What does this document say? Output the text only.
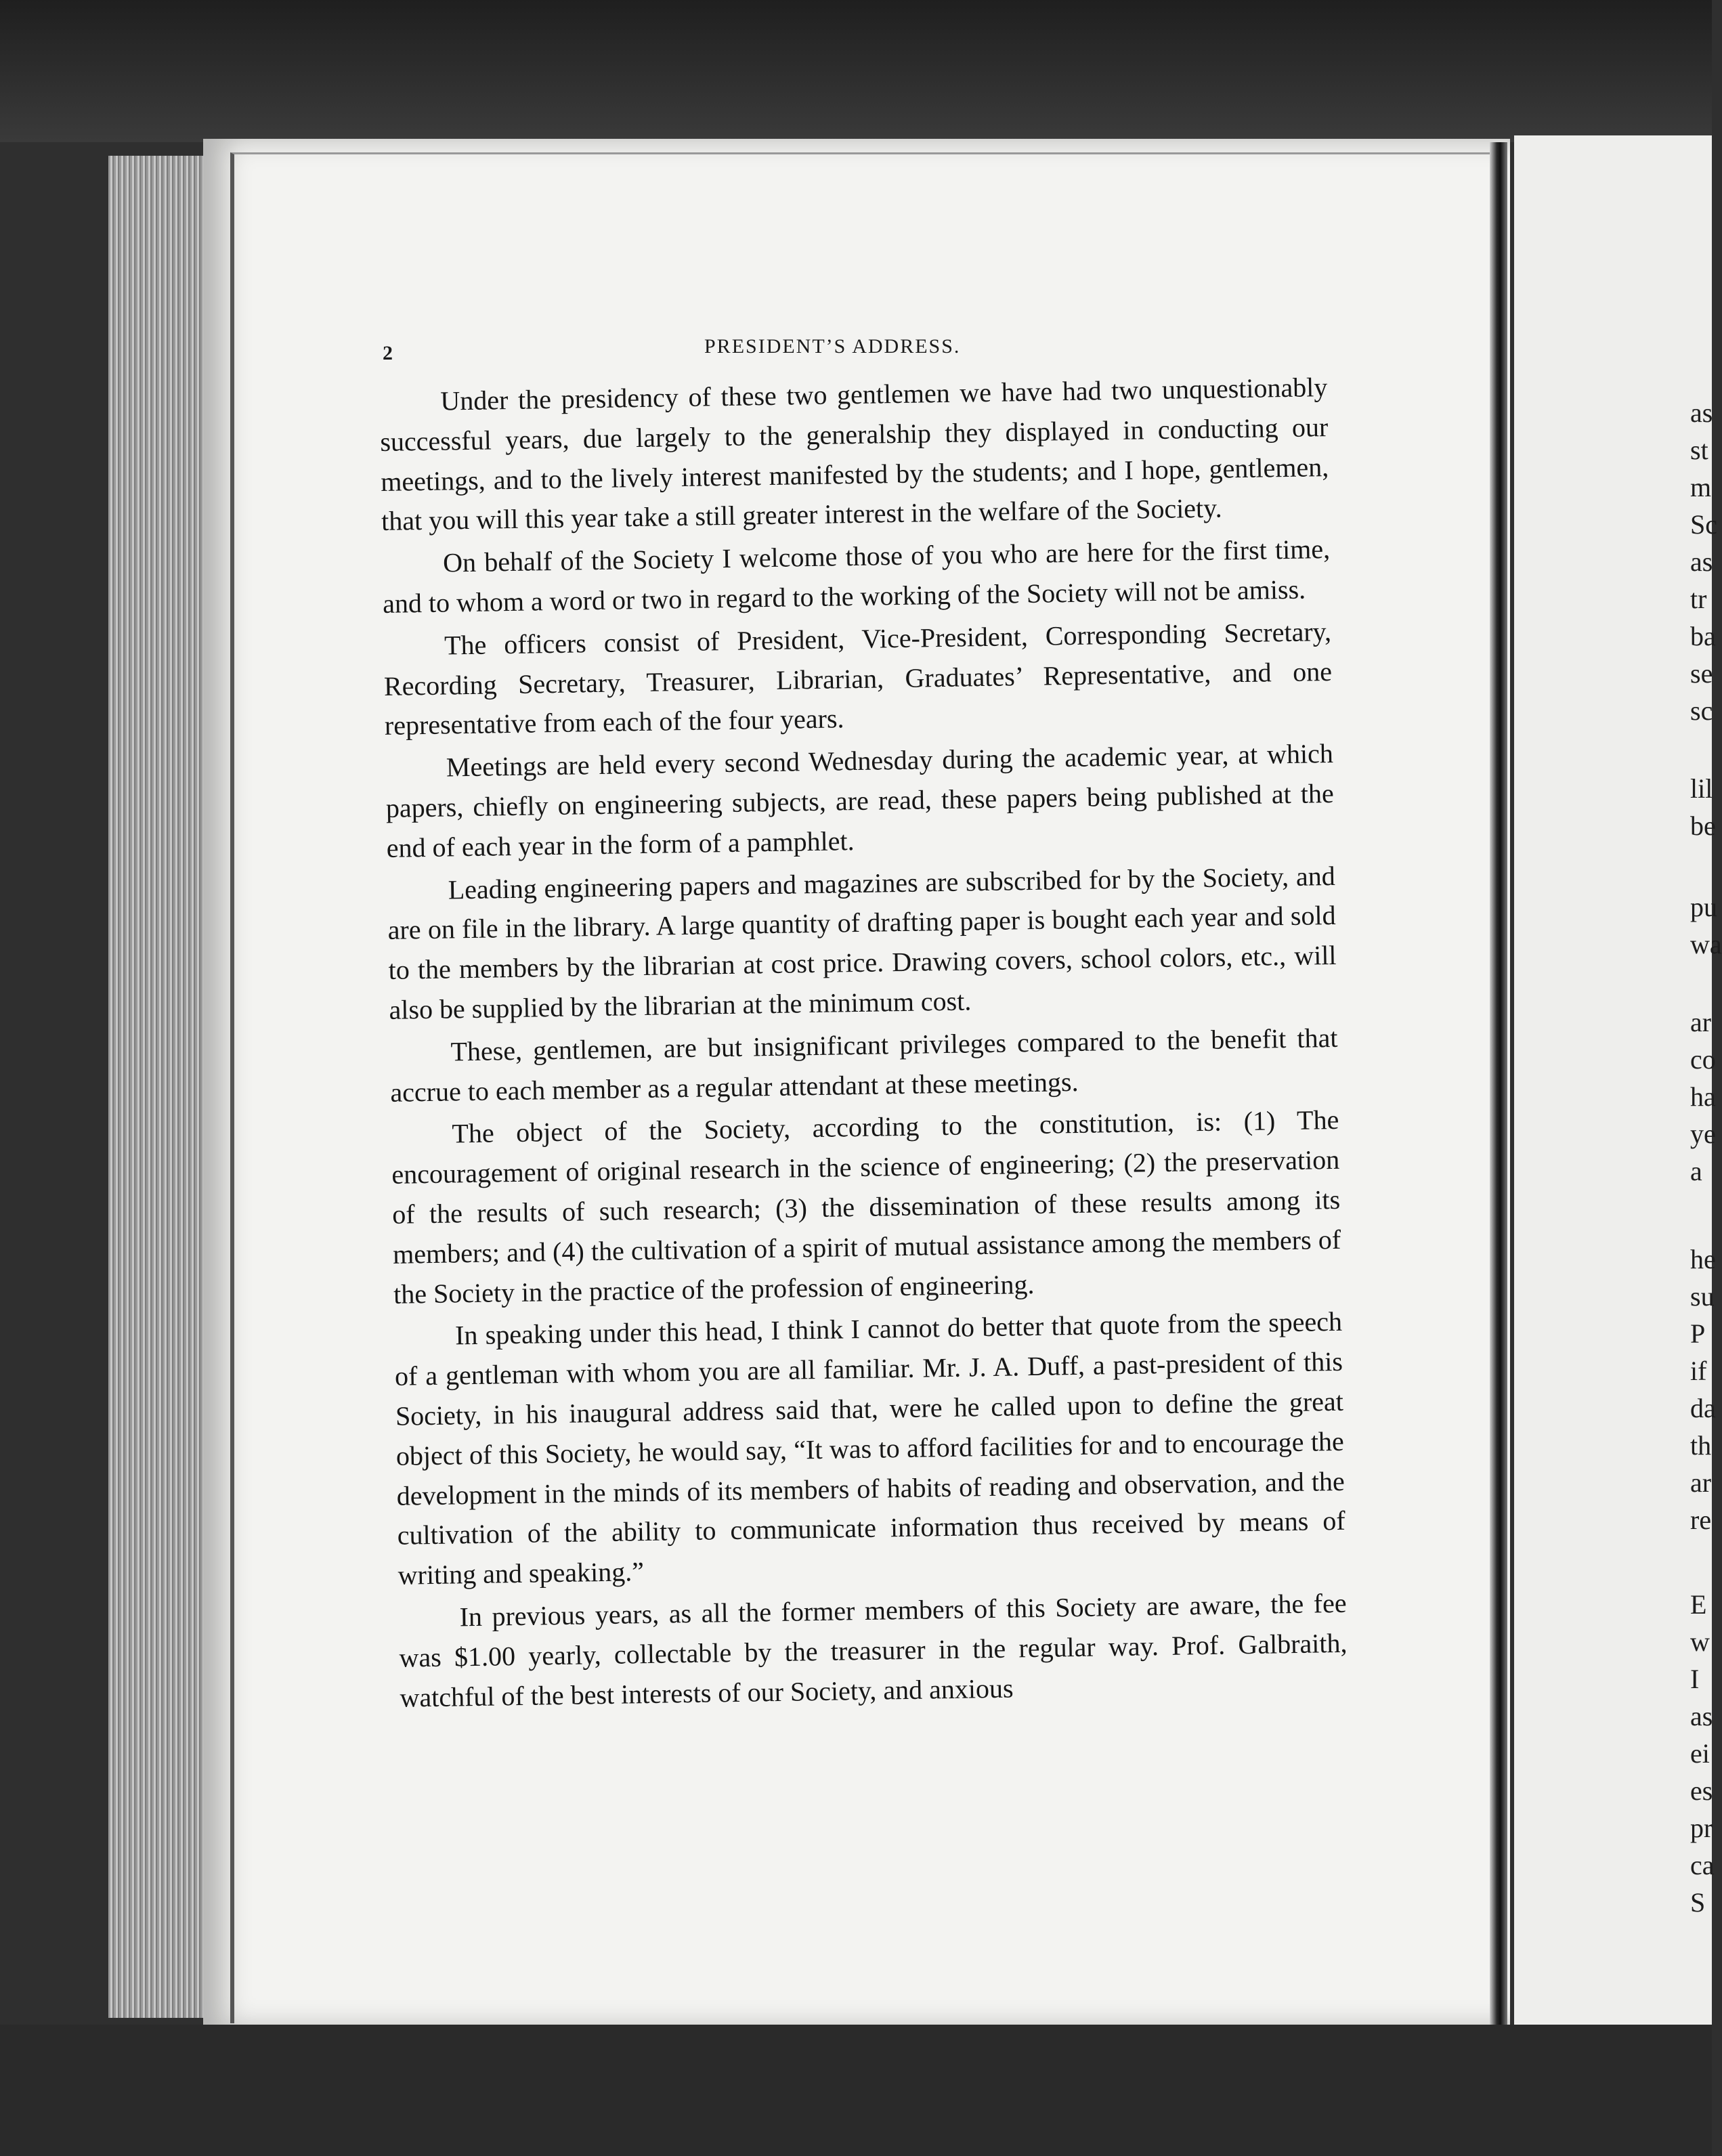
as
st
m
Sc
as
tr
ba
se
sc
lil
be
pu
wa
ar
co
ha
ye
a
he
su
P
if
da
th
ar
re
E
w
I
as
ei
es
pr
ca
S
2	PRESIDENT’S ADDRESS.

Under the presidency of these two gentlemen we have had two unquestionably successful years, due largely to the generalship they displayed in conducting our meetings, and to the lively interest manifested by the students; and I hope, gentlemen, that you will this year take a still greater interest in the welfare of the Society.

On behalf of the Society I welcome those of you who are here for the first time, and to whom a word or two in regard to the working of the Society will not be amiss.

The officers consist of President, Vice-President, Corresponding Secretary, Recording Secretary, Treasurer, Librarian, Graduates’ Representative, and one representative from each of the four years.

Meetings are held every second Wednesday during the academic year, at which papers, chiefly on engineering subjects, are read, these papers being published at the end of each year in the form of a pamphlet.

Leading engineering papers and magazines are subscribed for by the Society, and are on file in the library. A large quantity of drafting paper is bought each year and sold to the members by the librarian at cost price. Drawing covers, school colors, etc., will also be supplied by the librarian at the minimum cost.

These, gentlemen, are but insignificant privileges compared to the benefit that accrue to each member as a regular attendant at these meetings.

The object of the Society, according to the constitution, is: (1) The encouragement of original research in the science of engineering; (2) the preservation of the results of such research; (3) the dissemination of these results among its members; and (4) the cultivation of a spirit of mutual assistance among the members of the Society in the practice of the profession of engineering.

In speaking under this head, I think I cannot do better that quote from the speech of a gentleman with whom you are all familiar. Mr. J. A. Duff, a past-president of this Society, in his inaugural address said that, were he called upon to define the great object of this Society, he would say, “It was to afford facilities for and to encourage the development in the minds of its members of habits of reading and observation, and the cultivation of the ability to communicate information thus received by means of writing and speaking.”

In previous years, as all the former members of this Society are aware, the fee was $1.00 yearly, collectable by the treasurer in the regular way. Prof. Galbraith, watchful of the best interests of our Society, and anxious
